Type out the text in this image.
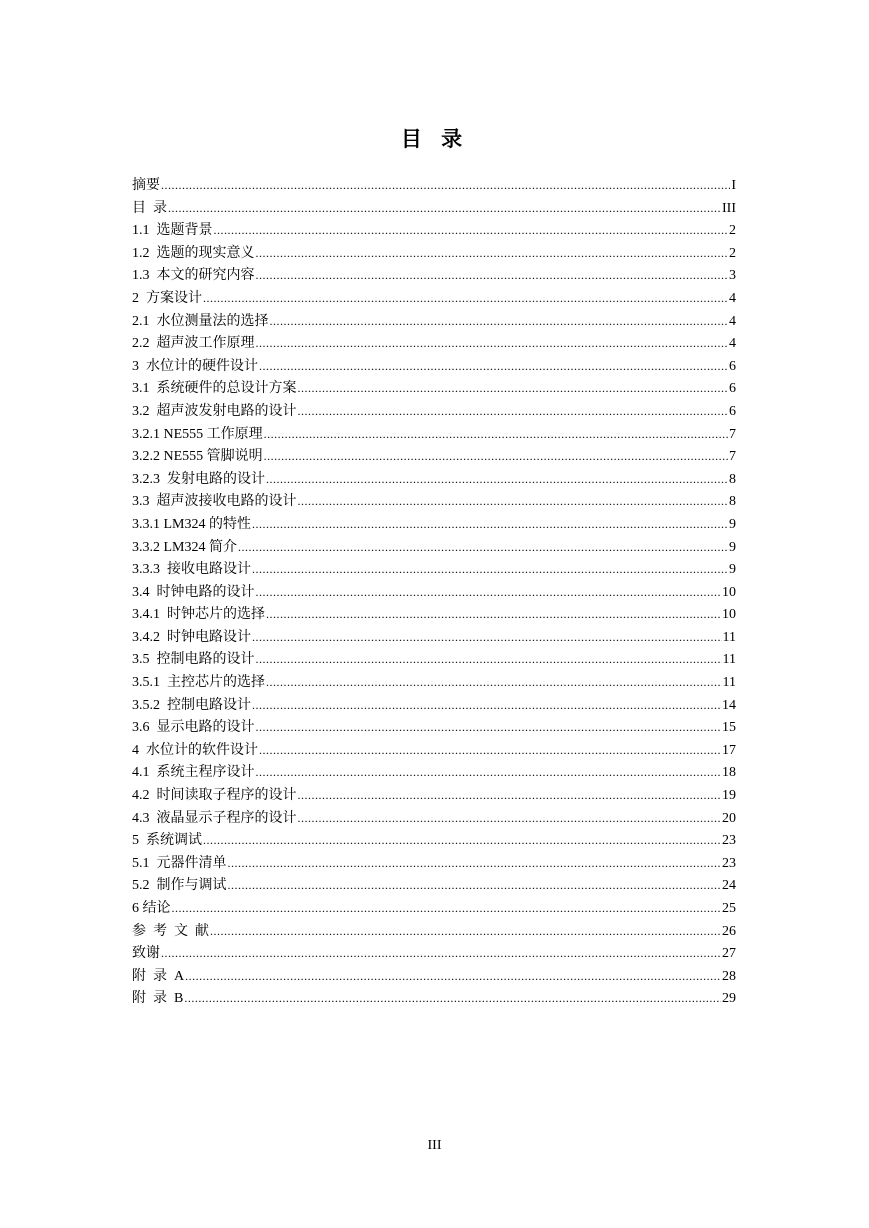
目 录
摘要 .....	I
目  录 .....	III
1.1  选题背景 .....	2
1.2  选题的现实意义 .....	2
1.3  本文的研究内容 .....	3
2  方案设计 .....	4
2.1  水位测量法的选择 .....	4
2.2  超声波工作原理 .....	4
3  水位计的硬件设计 .....	6
3.1  系统硬件的总设计方案 .....	6
3.2  超声波发射电路的设计 .....	6
3.2.1 NE555 工作原理 .....	7
3.2.2 NE555 管脚说明 .....	7
3.2.3  发射电路的设计 .....	8
3.3  超声波接收电路的设计 .....	8
3.3.1 LM324 的特性 .....	9
3.3.2 LM324 简介 .....	9
3.3.3  接收电路设计 .....	9
3.4  时钟电路的设计 .....	10
3.4.1  时钟芯片的选择 .....	10
3.4.2  时钟电路设计 .....	11
3.5  控制电路的设计 .....	11
3.5.1  主控芯片的选择 .....	11
3.5.2  控制电路设计 .....	14
3.6  显示电路的设计 .....	15
4  水位计的软件设计 .....	17
4.1  系统主程序设计 .....	18
4.2  时间读取子程序的设计 .....	19
4.3  液晶显示子程序的设计 .....	20
5  系统调试 .....	23
5.1  元器件清单 .....	23
5.2  制作与调试 .....	24
6 结论 .....	25
参  考  文  献 .....	26
致谢 .....	27
附  录  A .....	28
附  录  B .....	29
III
